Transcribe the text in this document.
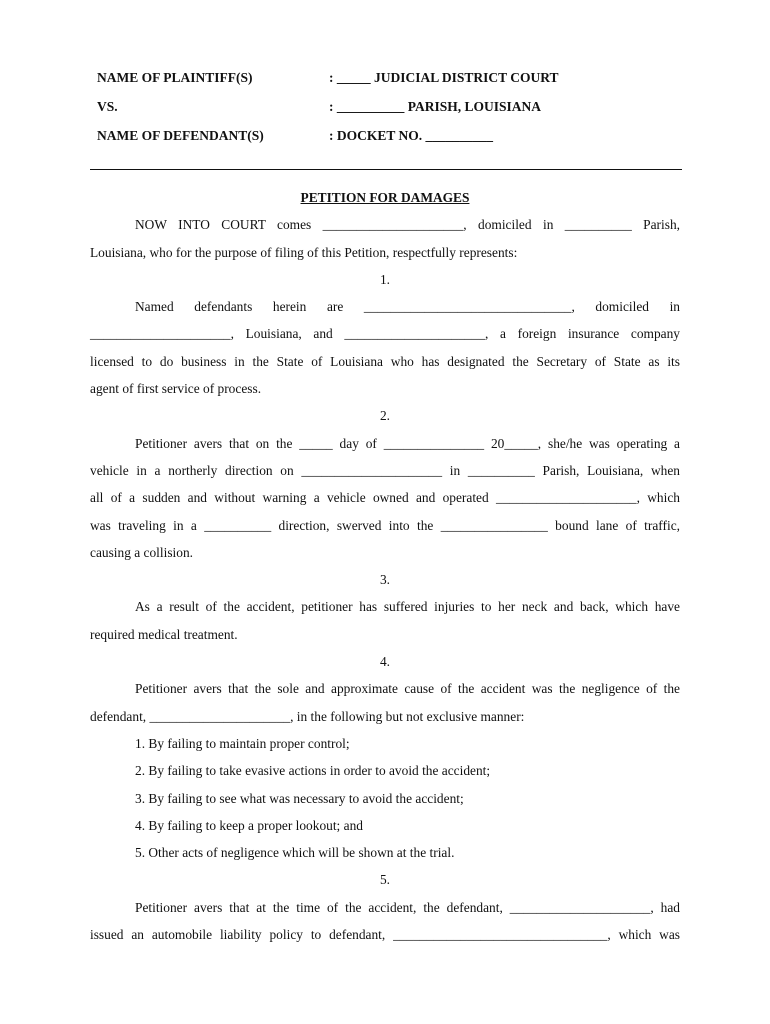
NAME OF PLAINTIFF(S)	: _____ JUDICIAL DISTRICT COURT
VS.	: __________ PARISH, LOUISIANA
NAME OF DEFENDANT(S)	: DOCKET NO. __________

PETITION FOR DAMAGES

NOW INTO COURT comes _____________________, domiciled in __________ Parish,

Louisiana, who for the purpose of filing of this Petition, respectfully represents:

1.

Named defendants herein are _______________________________, domiciled in

_____________________, Louisiana, and _____________________, a foreign insurance company

licensed to do business in the State of Louisiana who has designated the Secretary of State as its

agent of first service of process.

2.

Petitioner avers that on the _____ day of _______________ 20_____, she/he was operating a

vehicle in a northerly direction on _____________________ in __________ Parish, Louisiana, when

all of a sudden and without warning a vehicle owned and operated _____________________, which

was traveling in a __________ direction, swerved into the ________________ bound lane of traffic,

causing a collision.

3.

As a result of the accident, petitioner has suffered injuries to her neck and back, which have

required medical treatment.

4.

Petitioner avers that the sole and approximate cause of the accident was the negligence of the

defendant, _____________________, in the following but not exclusive manner:

1. By failing to maintain proper control;

2. By failing to take evasive actions in order to avoid the accident;

3. By failing to see what was necessary to avoid the accident;

4. By failing to keep a proper lookout; and

5. Other acts of negligence which will be shown at the trial.

5.

Petitioner avers that at the time of the accident, the defendant, _____________________, had

issued an automobile liability policy to defendant, ________________________________, which was
